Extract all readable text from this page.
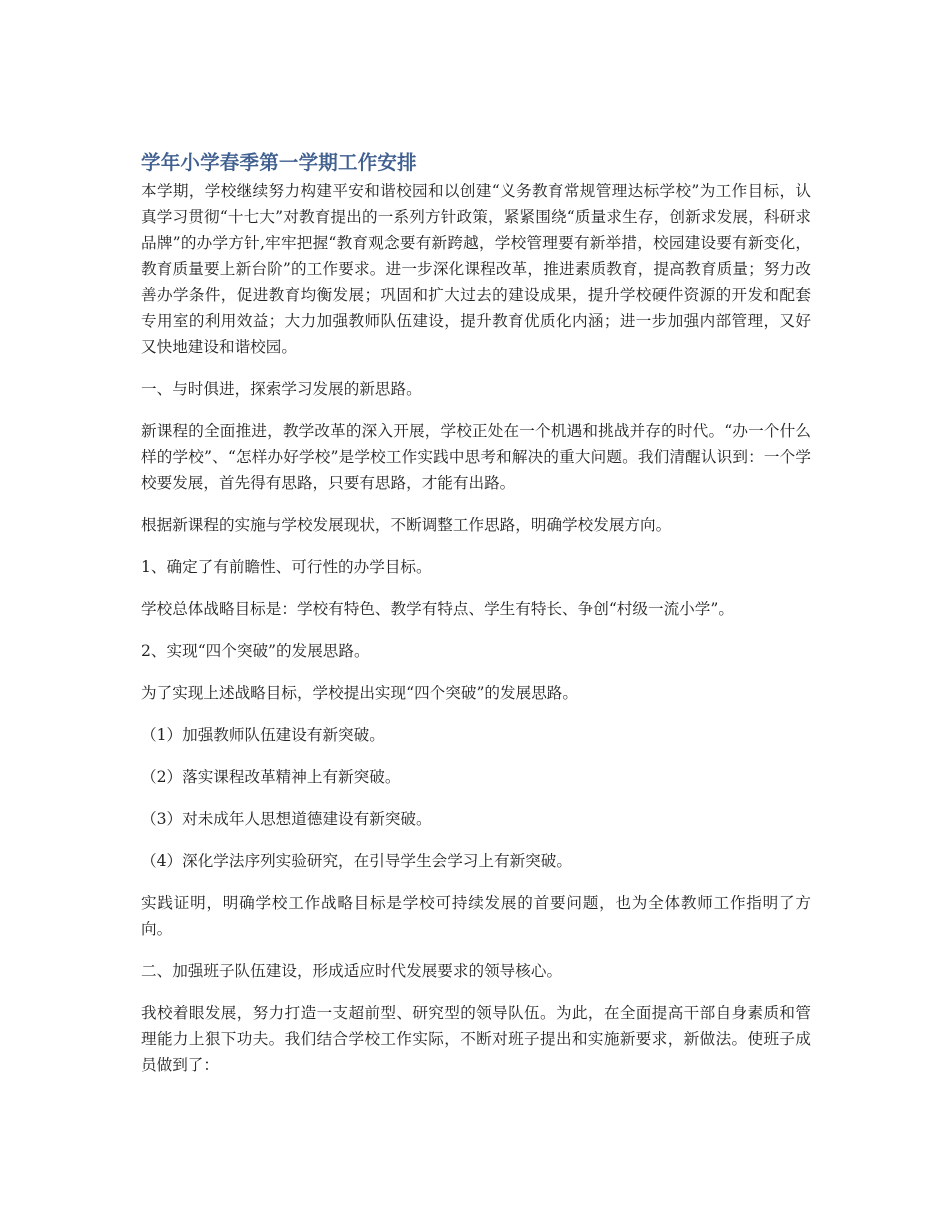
学年小学春季第一学期工作安排

本学期，学校继续努力构建平安和谐校园和以创建“义务教育常规管理达标学校”为工作目标，认真学习贯彻“十七大”对教育提出的一系列方针政策，紧紧围绕“质量求生存，创新求发展，科研求品牌”的办学方针,牢牢把握“教育观念要有新跨越，学校管理要有新举措，校园建设要有新变化，教育质量要上新台阶”的工作要求。进一步深化课程改革，推进素质教育，提高教育质量；努力改善办学条件，促进教育均衡发展；巩固和扩大过去的建设成果，提升学校硬件资源的开发和配套专用室的利用效益；大力加强教师队伍建设，提升教育优质化内涵；进一步加强内部管理，又好又快地建设和谐校园。

一、与时俱进，探索学习发展的新思路。

新课程的全面推进，教学改革的深入开展，学校正处在一个机遇和挑战并存的时代。“办一个什么样的学校”、“怎样办好学校”是学校工作实践中思考和解决的重大问题。我们清醒认识到：一个学校要发展，首先得有思路，只要有思路，才能有出路。

根据新课程的实施与学校发展现状，不断调整工作思路，明确学校发展方向。

1、确定了有前瞻性、可行性的办学目标。

学校总体战略目标是：学校有特色、教学有特点、学生有特长、争创“村级一流小学”。

2、实现“四个突破”的发展思路。

为了实现上述战略目标，学校提出实现“四个突破”的发展思路。

（1）加强教师队伍建设有新突破。

（2）落实课程改革精神上有新突破。

（3）对未成年人思想道德建设有新突破。

（4）深化学法序列实验研究，在引导学生会学习上有新突破。

实践证明，明确学校工作战略目标是学校可持续发展的首要问题，也为全体教师工作指明了方向。

二、加强班子队伍建设，形成适应时代发展要求的领导核心。

我校着眼发展，努力打造一支超前型、研究型的领导队伍。为此，在全面提高干部自身素质和管理能力上狠下功夫。我们结合学校工作实际，不断对班子提出和实施新要求，新做法。使班子成员做到了：
